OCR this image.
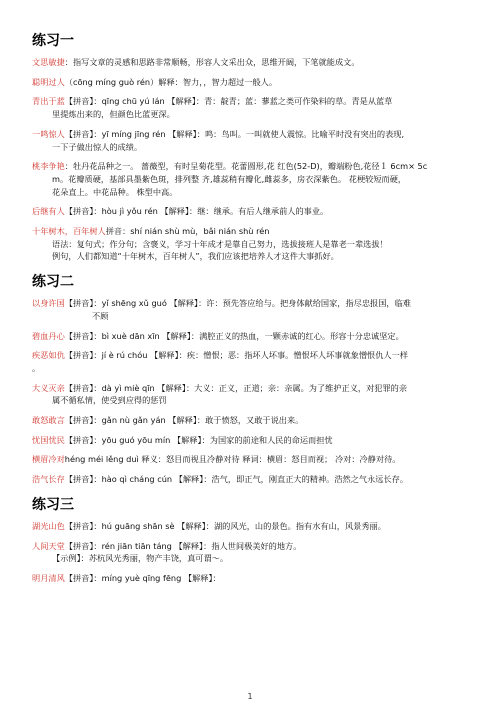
练习一
文思敏捷：指写文章的灵感和思路非常顺畅，形容人文采出众，思维开阔，下笔就能成文。
聪明过人（cōng míng guò rén）解释：智力，，智力超过一般人。
青出于蓝【拼音】：qīng chū yú lán 【解释】：青：靛青；蓝：蓼蓝之类可作染料的草。青是从蓝草
里提炼出来的，但颜色比蓝更深。
一鸣惊人【拼音】：yī míng jīng rén 【解释】：鸣：鸟叫。一叫就使人震惊。比喻平时没有突出的表现,
一下子做出惊人的成绩。
桃李争艳：牡丹花品种之一。 蔷薇型，有时呈菊花型。花蕾圆形,花 红色(52-D)，瓣端粉色,花径１ 6cm× 5c
m。花瓣质硬，基部具墨紫色斑，排列整 齐,雄蕊稍有瓣化,雌蕊多，房衣深紫色。 花梗较短而硬，
花朵直上。中花品种。 株型中高。
后继有人【拼音】：hòu jì yǒu rén 【解释】：继：继承。有后人继承前人的事业。
十年树木，百年树人拼音：shí nián shù mù，bǎi nián shù rén
语法：复句式；作分句；含褒义，学习十年成才是靠自己努力，选拔接班人是靠老一辈选拔！
例句，人们都知道“十年树木，百年树人”，我们应该把培养人才这件大事抓好。
练习二
以身许国【拼音】：yǐ shēng xǔ guó 【解释】：许：预先答应给与。把身体献给国家，指尽忠报国，临难
不顾
碧血丹心【拼音】：bì xuè dān xīn 【解释】：满腔正义的热血，一颗赤诚的红心。形容十分忠诚坚定。
疾恶如仇【拼音】：jí è rú chóu 【解释】：疾：憎恨；恶：指坏人坏事。憎恨坏人坏事就象憎恨仇人一样
。
大义灭亲【拼音】：dà yì miè qīn 【解释】：大义：正义，正道；亲：亲属。为了维护正义，对犯罪的亲
属不循私情，使受到应得的惩罚
敢怒敢言【拼音】：gǎn nù gǎn yán 【解释】：敢于愤怒，又敢于说出来。
忧国忧民【拼音】：yōu guó yōu mín 【解释】：为国家的前途和人民的命运而担忧
横眉冷对héng méi lěng duì 释义：怒目而视且冷静对待 释词：横眉：怒目而视； 冷对：冷静对待。
浩气长存【拼音】：hào qì cháng cún 【解释】：浩气，即正气，刚直正大的精神。浩然之气永远长存。
练习三
湖光山色【拼音】：hú guāng shān sè 【解释】：湖的风光，山的景色。指有水有山，风景秀丽。
人间天堂【拼音】：rén jiān tiān táng 【解释】：指人世间极美好的地方。
【示例】：苏杭风光秀丽，物产丰饶，真可谓～。
明月清风【拼音】：míng yuè qīng fēng 【解释】：
1
